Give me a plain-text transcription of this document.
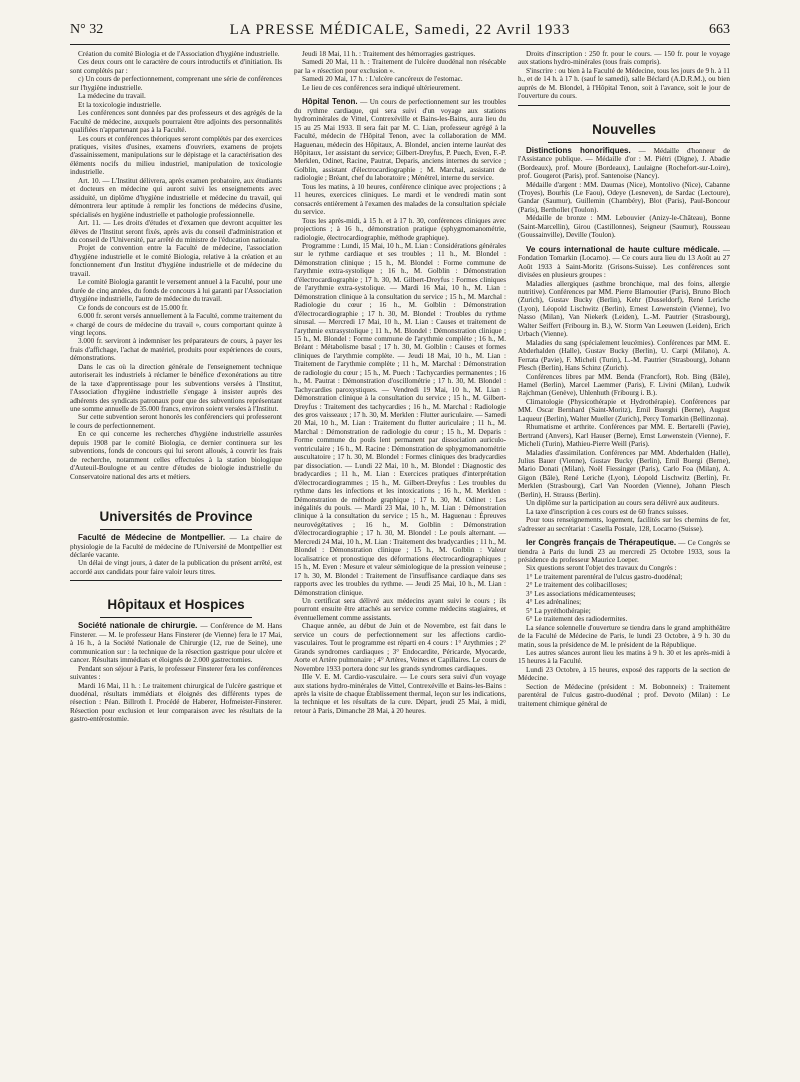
N° 32	LA PRESSE MÉDICALE, Samedi, 22 Avril 1933	663

Création du comité Biologia et de l'Association d'hygiène industrielle.

Ces deux cours ont le caractère de cours introductifs et d'initiation. Ils sont complétés par :

c) Un cours de perfectionnement, comprenant une série de conférences sur l'hygiène industrielle.

La médecine du travail.

Et la toxicologie industrielle.

Les conférences sont données par des professeurs et des agrégés de la Faculté de médecine, auxquels pourraient être adjoints des personnalités qualifiées n'appartenant pas à la Faculté.

Les cours et conférences théoriques seront complétés par des exercices pratiques, visites d'usines, examens d'ouvriers, examens de projets d'assainissement, manipulations sur le dépistage et la caractérisation des éléments nocifs du milieu industriel, manipulation de toxicologie industrielle.

Art. 10. — L'Institut délivrera, après examen probatoire, aux étudiants et docteurs en médecine qui auront suivi les enseignements avec assiduité, un diplôme d'hygiène industrielle et médecine du travail, qui démontrera leur aptitude à remplir les fonctions de médecins d'usine, spécialisés en hygiène industrielle et pathologie professionnelle.

Art. 11. — Les droits d'études et d'examen que devront acquitter les élèves de l'Institut seront fixés, après avis du conseil d'administration et du conseil de l'Université, par arrêté du ministre de l'éducation nationale.

Projet de convention entre la Faculté de médecine, l'association d'hygiène industrielle et le comité Biologia, relative à la création et au fonctionnement d'un Institut d'hygiène industrielle et de médecine du travail.

Le comité Biologia garantit le versement annuel à la Faculté, pour une durée de cinq années, du fonds de concours à lui garanti par l'Association d'hygiène industrielle, l'autre de médecine du travail.

Ce fonds de concours est de 15.000 fr.

6.000 fr. seront versés annuellement à la Faculté, comme traitement du « chargé de cours de médecine du travail », cours comportant quinze à vingt leçons.

3.000 fr. serviront à indemniser les préparateurs de cours, à payer les frais d'affichage, l'achat de matériel, produits pour expériences de cours, démonstrations.

Dans le cas où la direction générale de l'enseignement technique autoriserait les industriels à réclamer le bénéfice d'exonérations au titre de la taxe d'apprentissage pour les subventions versées à l'Institut, l'Association d'hygiène industrielle s'engage à insister auprès des adhérents des syndicats patronaux pour que des subventions représentant une somme annuelle de 35.000 francs, environ soient versées à l'Institut.

Sur cette subvention seront honorés les conférenciers qui professeront le cours de perfectionnement.

En ce qui concerne les recherches d'hygiène industrielle assurées depuis 1908 par le comité Biologia, ce dernier continuera sur les subventions, fonds de concours qui lui seront alloués, à couvrir les frais de recherche, notamment celles effectuées à la station biologique d'Auteuil-Boulogne et au centre d'études de biologie industrielle du Conservatoire national des arts et métiers.

Universités de Province

Faculté de Médecine de Montpellier. — La chaire de physiologie de la Faculté de médecine de l'Université de Montpellier est déclarée vacante.

Un délai de vingt jours, à dater de la publication du présent arrêté, est accordé aux candidats pour faire valoir leurs titres.

Hôpitaux et Hospices

Société nationale de chirurgie. — Conférence de M. Hans Finsterer. — M. le professeur Hans Finsterer (de Vienne) fera le 17 Mai, à 16 h., à la Société Nationale de Chirurgie (12, rue de Seine), une communication sur : la technique de la résection gastrique pour ulcère et cancer. Résultats immédiats et éloignés de 2.000 gastrectomies.

Pendant son séjour à Paris, le professeur Finsterer fera les conférences suivantes :

Mardi 16 Mai, 11 h. : Le traitement chirurgical de l'ulcère gastrique et duodénal, résultats immédiats et éloignés des différents types de résection : Péan. Billroth I. Procédé de Haberer, Hofmeister-Finsterer. Résection pour exclusion et leur comparaison avec les résultats de la gastro-entérostomie.

Jeudi 18 Mai, 11 h. : Traitement des hémorragies gastriques.

Samedi 20 Mai, 11 h. : Traitement de l'ulcère duodénal non résécable par la « résection pour exclusion ».

Samedi 20 Mai, 17 h. : L'ulcère cancéreux de l'estomac.

Le lieu de ces conférences sera indiqué ultérieurement.

Hôpital Tenon. — Un cours de perfectionnement sur les troubles du rythme cardiaque, qui sera suivi d'un voyage aux stations hydrominérales de Vittel, Contrexéville et Bains-les-Bains, aura lieu du 15 au 25 Mai 1933. Il sera fait par M. C. Lian, professeur agrégé à la Faculté, médecin de l'Hôpital Tenon, avec la collaboration de MM. Haguenau, médecin des Hôpitaux, A. Blondel, ancien interne lauréat des Hôpitaux, 1er assistant du service; Gilbert-Dreyfus, P. Puech, Even, F.-P. Merklen, Odinet, Racine, Pautrat, Deparis, anciens internes du service ; Golblin, assistant d'électrocardiographie ; M. Marchal, assistant de radiologie ; Bréant, chef du laboratoire ; Ménétrel, interne du service.

Tous les matins, à 10 heures, conférence clinique avec projections ; à 11 heures, exercices cliniques. Le mardi et le vendredi matin sont consacrés entièrement à l'examen des malades de la consultation spéciale du service.

Tous les après-midi, à 15 h. et à 17 h. 30, conférences cliniques avec projections ; à 16 h., démonstration pratique (sphygmomanométrie, radiologie, électrocardiographie, méthode graphique).

Programme : Lundi, 15 Mai, 10 h., M. Lian : Considérations générales sur le rythme cardiaque et ses troubles ; 11 h., M. Blondel : Démonstration clinique ; 15 h., M. Blondel : Forme commune de l'arythmie extra-systolique ; 16 h., M. Golblin : Démonstration d'électrocardiographie ; 17 h. 30, M. Gilbert-Dreyfus : Formes cliniques de l'arythmie extra-systolique. — Mardi 16 Mai, 10 h., M. Lian : Démonstration clinique à la consultation du service ; 15 h., M. Marchal : Radiologie du cœur ; 16 h., M. Golblin : Démonstration d'électrocardiographie ; 17 h. 30, M. Blondel : Troubles du rythme sinusal. — Mercredi 17 Mai, 10 h., M. Lian : Causes et traitement de l'arythmie extrasystolique ; 11 h., M. Blondel : Démonstration clinique ; 15 h., M. Blondel : Forme commune de l'arythmie complète ; 16 h., M. Bréant : Métabolisme basal ; 17 h. 30, M. Golblin : Causes et formes cliniques de l'arythmie complète. — Jeudi 18 Mai, 10 h., M. Lian : Traitement de l'arythmie complète ; 11 h., M. Marchal : Démonstration de radiologie du cœur ; 15 h., M. Puech : Tachycardies permanentes ; 16 h., M. Pautrat : Démonstration d'oscillométrie ; 17 h. 30, M. Blondel : Tachycardies paroxystiques. — Vendredi 19 Mai, 10 h., M. Lian : Démonstration clinique à la consultation du service ; 15 h., M. Gilbert-Dreyfus : Traitement des tachycardies ; 16 h., M. Marchal : Radiologie des gros vaisseaux ; 17 h. 30, M. Merklen : Flutter auriculaire. — Samedi 20 Mai, 10 h., M. Lian : Traitement du flutter auriculaire ; 11 h., M. Marchal : Démonstration de radiologie du cœur ; 15 h., M. Deparis : Forme commune du pouls lent permanent par dissociation auriculo-ventriculaire ; 16 h., M. Racine : Démonstration de sphygmomanométrie auscultatoire ; 17 h. 30, M. Blondel : Formes cliniques des bradycardies par dissociation. — Lundi 22 Mai, 10 h., M. Blondel : Diagnostic des bradycardies ; 11 h., M. Lian : Exercices pratiques d'interprétation d'électrocardiogrammes ; 15 h., M. Gilbert-Dreyfus : Les troubles du rythme dans les infections et les intoxications ; 16 h., M. Merklen : Démonstration de méthode graphique ; 17 h. 30, M. Odinet : Les inégalités du pouls. — Mardi 23 Mai, 10 h., M. Lian : Démonstration clinique à la consultation du service ; 15 h., M. Haguenau : Épreuves neurovégétatives ; 16 h., M. Golblin : Démonstration d'électrocardiographie ; 17 h. 30, M. Blondel : Le pouls alternant. — Mercredi 24 Mai, 10 h., M. Lian : Traitement des bradycardies ; 11 h., M. Blondel : Démonstration clinique ; 15 h., M. Golblin : Valeur localisatrice et pronostique des déformations électrocardiographiques ; 15 h., M. Even : Mesure et valeur sémiologique de la pression veineuse ; 17 h. 30, M. Blondel : Traitement de l'insuffisance cardiaque dans ses rapports avec les troubles du rythme. — Jeudi 25 Mai, 10 h., M. Lian : Démonstration clinique.

Un certificat sera délivré aux médecins ayant suivi le cours ; ils pourront ensuite être attachés au service comme médecins stagiaires, et éventuellement comme assistants.

Chaque année, au début de Juin et de Novembre, est fait dans le service un cours de perfectionnement sur les affections cardio-vasculaires. Tout le programme est réparti en 4 cours : 1° Arythmies ; 2° Grands syndromes cardiaques ; 3° Endocardite, Péricarde, Myocarde, Aorte et Artère pulmonaire ; 4° Artères, Veines et Capillaires. Le cours de Novembre 1933 portera donc sur les grands syndromes cardiaques.

IIIe V. E. M. Cardio-vasculaire. — Le cours sera suivi d'un voyage aux stations hydro-minérales de Vittel, Contrexéville et Bains-les-Bains : après la visite de chaque Établissement thermal, leçon sur les indications, la technique et les résultats de la cure. Départ, jeudi 25 Mai, à midi, retour à Paris, Dimanche 28 Mai, à 20 heures.

Droits d'inscription : 250 fr. pour le cours. — 150 fr. pour le voyage aux stations hydro-minérales (tous frais compris).

S'inscrire : ou bien à la Faculté de Médecine, tous les jours de 9 h. à 11 h., et de 14 h. à 17 h. (sauf le samedi), salle Béclard (A.D.R.M.), ou bien auprès de M. Blondel, à l'Hôpital Tenon, soit à l'avance, soit le jour de l'ouverture du cours.

Nouvelles

Distinctions honorifiques. — Médaille d'honneur de l'Assistance publique. — Médaille d'or : M. Piétri (Digne), J. Abadie (Bordeaux), prof. Moure (Bordeaux), Laulaigne (Rochefort-sur-Loire), prof. Gougerot (Paris), prof. Santenoise (Nancy).

Médaille d'argent : MM. Daumas (Nice), Montolivo (Nice), Cabanne (Troyes), Bourhis (Le Faou), Odeye (Lesneven), de Sardac (Lectoure), Gandar (Saumur), Guillemin (Chambéry), Blot (Paris), Paul-Boncour (Paris), Berthollet (Toulon).

Médaille de bronze : MM. Lebouvier (Anizy-le-Château), Bonne (Saint-Marcellin), Girou (Castillonnes), Seigneur (Saumur), Rousseau (Goussainville), Deville (Toulon).

Ve cours international de haute culture médicale. — Fondation Tomarkin (Locarno). — Ce cours aura lieu du 13 Août au 27 Août 1933 à Saint-Moritz (Grisons-Suisse). Les conférences sont divisées en plusieurs groupes :

Maladies allergiques (asthme bronchique, mal des foins, allergie nutritive). Conférences par MM. Pierre Blamoutier (Paris), Bruno Bloch (Zurich), Gustav Bucky (Berlin), Kehr (Dusseldorf), René Leriche (Lyon), Léopold Lischwitz (Berlin), Ernest Lœwenstein (Vienne), Ivo Nasso (Milan), Van Niekerk (Leiden), L.-M. Pautrier (Strasbourg), Walter Seiffert (Fribourg in. B.), W. Storm Van Leeuwen (Leiden), Erich Urbach (Vienne).

Maladies du sang (spécialement leucémies). Conférences par MM. E. Abderhalden (Halle), Gustav Bucky (Berlin), U. Carpi (Milano), A. Ferrata (Pavie), F. Micheli (Turin), L.-M. Pautrier (Strasbourg), Johann Plesch (Berlin), Hans Schinz (Zurich).

Conférences libres par MM. Benda (Francfort), Rob. Bing (Bâle), Hamel (Berlin), Marcel Laemmer (Paris), F. Livini (Milan), Ludwik Rajchman (Genève), Uhlenhuth (Fribourg i. B.).

Climatologie (Physicothérapie et Hydrothérapie). Conférences par MM. Oscar Bernhard (Saint-Moritz), Emil Buerghi (Berne), August Laqueur (Berlin), Walter Mueller (Zurich), Percy Tomarkin (Bellinzona).

Rhumatisme et arthrite. Conférences par MM. E. Bertarelli (Pavie), Bertrand (Anvers), Karl Hauser (Berne), Ernst Lœwenstein (Vienne), F. Micheli (Turin), Mathieu-Pierre Weill (Paris).

Maladies d'assimilation. Conférences par MM. Abderhalden (Halle), Julius Bauer (Vienne), Gustav Bucky (Berlin), Emil Buergi (Berne), Mario Donati (Milan), Noël Fiessinger (Paris), Carlo Foa (Milan), A. Gigon (Bâle), René Leriche (Lyon), Léopold Lischwitz (Berlin), Fr. Merklen (Strasbourg), Carl Van Noorden (Vienne), Johann Plesch (Berlin), H. Strauss (Berlin).

Un diplôme sur la participation au cours sera délivré aux auditeurs.

La taxe d'inscription à ces cours est de 60 francs suisses.

Pour tous renseignements, logement, facilités sur les chemins de fer, s'adresser au secrétariat : Casella Postale, 128, Locarno (Suisse).

Ier Congrès français de Thérapeutique. — Ce Congrès se tiendra à Paris du lundi 23 au mercredi 25 Octobre 1933, sous la présidence du professeur Maurice Loeper.

Six questions seront l'objet des travaux du Congrès :

1° Le traitement parentéral de l'ulcus gastro-duodénal;

2° Le traitement des colibacilloses;

3° Les associations médicamenteuses;

4° Les adrénalines;

5° La pyréthothérapie;

6° Le traitement des radiodermites.

La séance solennelle d'ouverture se tiendra dans le grand amphithéâtre de la Faculté de Médecine de Paris, le lundi 23 Octobre, à 9 h. 30 du matin, sous la présidence de M. le président de la République.

Les autres séances auront lieu les matins à 9 h. 30 et les après-midi à 15 heures à la Faculté.

Lundi 23 Octobre, à 15 heures, exposé des rapports de la section de Médecine.

Section de Médecine (président : M. Bobonneix) : Traitement parentéral de l'ulcus gastro-duodénal ; prof. Devoto (Milan) : Le traitement chimique général de
